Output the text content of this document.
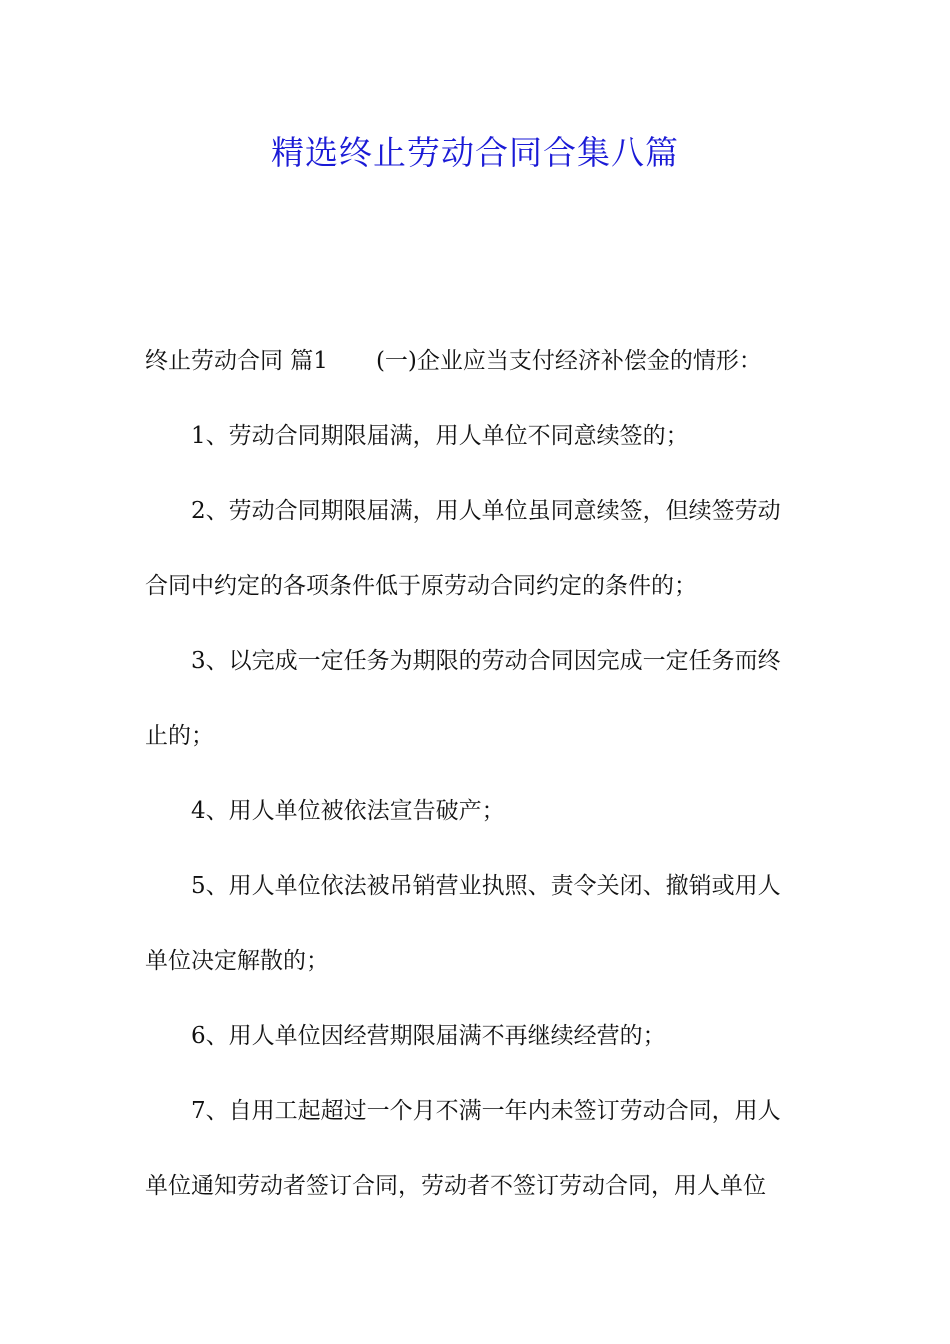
精选终止劳动合同合集八篇
终止劳动合同 篇1 (一)企业应当支付经济补偿金的情形：
1、劳动合同期限届满，用人单位不同意续签的；
2、劳动合同期限届满，用人单位虽同意续签，但续签劳动
合同中约定的各项条件低于原劳动合同约定的条件的；
3、以完成一定任务为期限的劳动合同因完成一定任务而终
止的；
4、用人单位被依法宣告破产；
5、用人单位依法被吊销营业执照、责令关闭、撤销或用人
单位决定解散的；
6、用人单位因经营期限届满不再继续经营的；
7、自用工起超过一个月不满一年内未签订劳动合同，用人
单位通知劳动者签订合同，劳动者不签订劳动合同，用人单位
